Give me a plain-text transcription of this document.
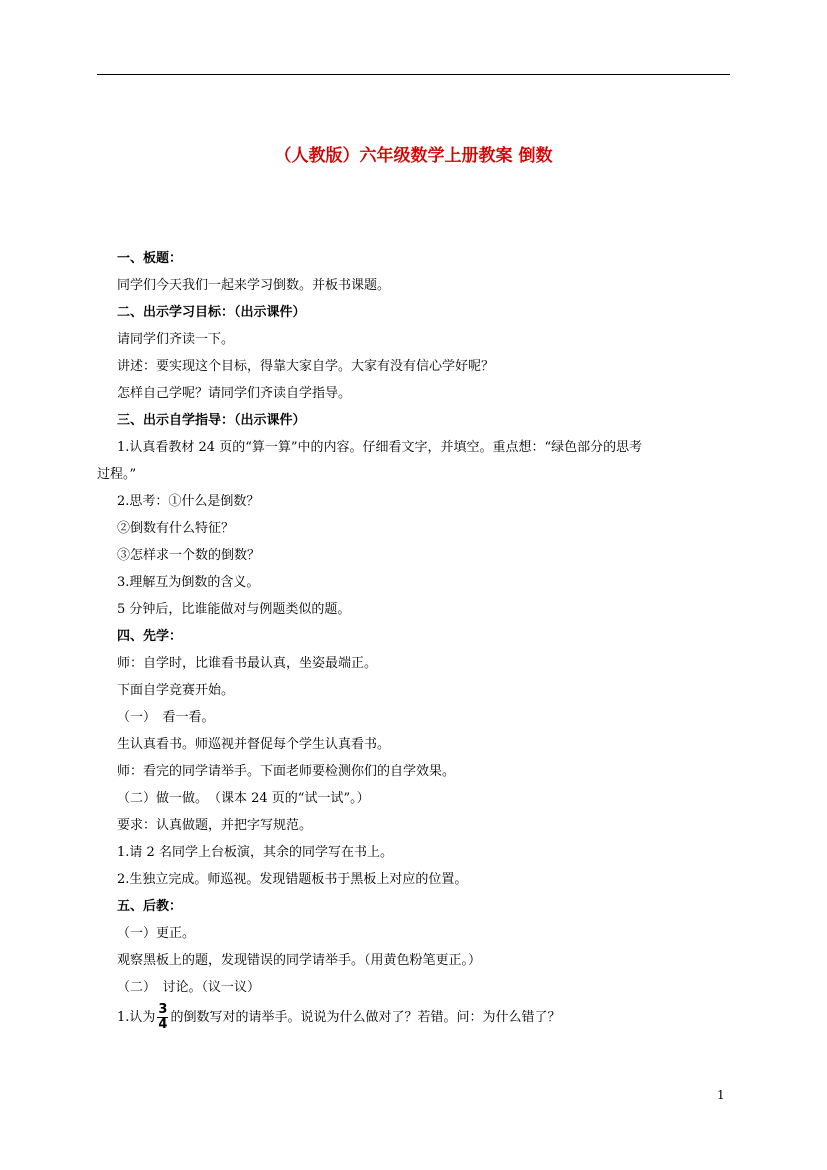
（人教版）六年级数学上册教案 倒数
一、板题：
同学们今天我们一起来学习倒数。并板书课题。
二、出示学习目标：（出示课件）
请同学们齐读一下。
讲述：要实现这个目标，得靠大家自学。大家有没有信心学好呢？
怎样自己学呢？请同学们齐读自学指导。
三、出示自学指导：（出示课件）
1.认真看教材 24 页的“算一算”中的内容。仔细看文字，并填空。重点想：“绿色部分的思考
过程。”
2.思考：①什么是倒数？
②倒数有什么特征？
③怎样求一个数的倒数？
3.理解互为倒数的含义。
5 分钟后，比谁能做对与例题类似的题。
四、先学：
师：自学时，比谁看书最认真，坐姿最端正。
下面自学竞赛开始。
（一）　看一看。
生认真看书。师巡视并督促每个学生认真看书。
师：看完的同学请举手。下面老师要检测你们的自学效果。
（二）做一做。　（课本 24 页的“试一试”。）
要求：认真做题，并把字写规范。
1.请 2 名同学上台板演，其余的同学写在书上。
2.生独立完成。师巡视。发现错题板书于黑板上对应的位置。
五、后教：
（一）更正。
观察黑板上的题，发现错误的同学请举手。（用黄色粉笔更正。）
（二）　讨论。（议一议）
1.认为 $\frac{3}{4}$ 的倒数写对的请举手。说说为什么做对了？若错。问：为什么错了？
1
